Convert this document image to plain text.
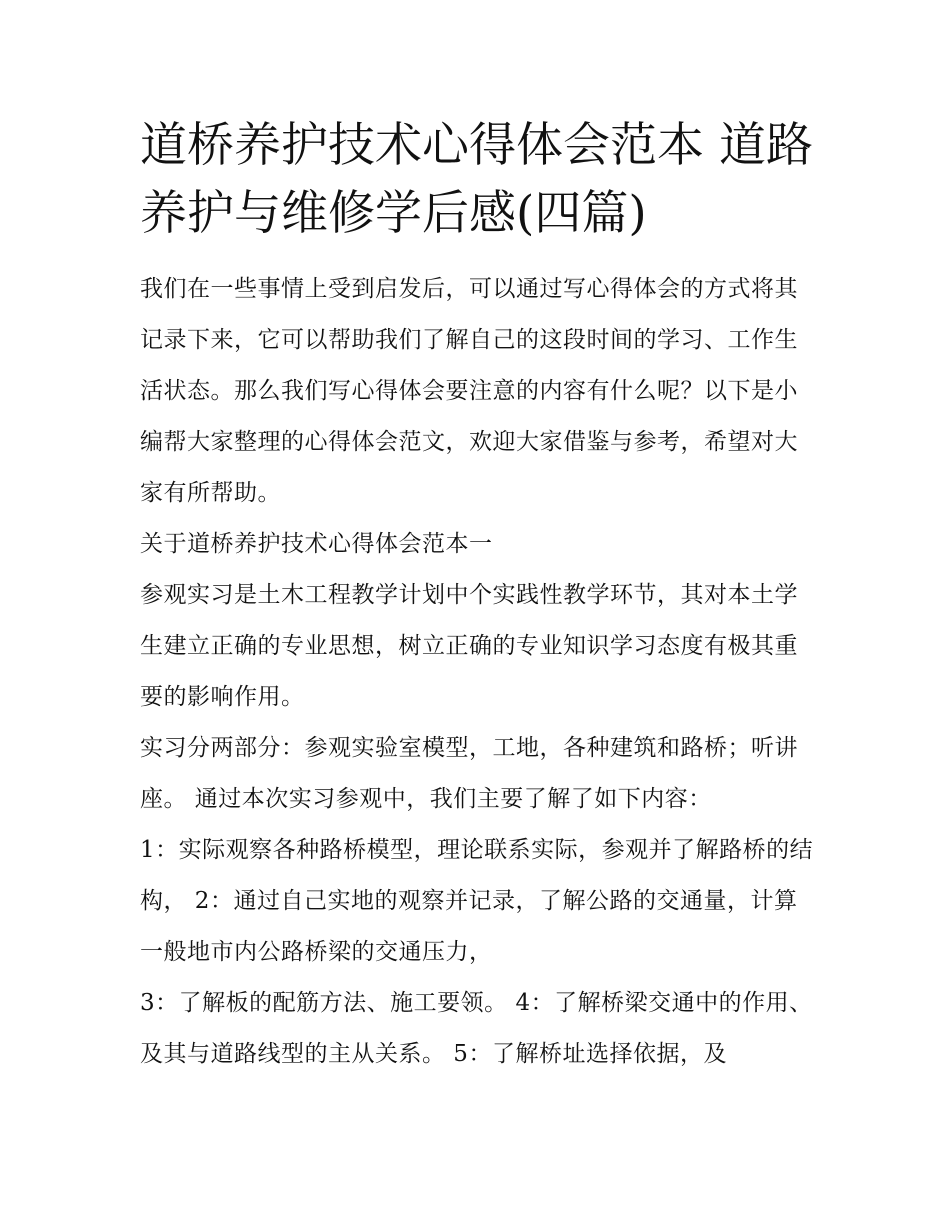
道桥养护技术心得体会范本 道路养护与维修学后感(四篇)

我们在一些事情上受到启发后，可以通过写心得体会的方式将其记录下来，它可以帮助我们了解自己的这段时间的学习、工作生活状态。那么我们写心得体会要注意的内容有什么呢？以下是小编帮大家整理的心得体会范文，欢迎大家借鉴与参考，希望对大家有所帮助。

关于道桥养护技术心得体会范本一

参观实习是土木工程教学计划中个实践性教学环节，其对本土学生建立正确的专业思想，树立正确的专业知识学习态度有极其重要的影响作用。

实习分两部分：参观实验室模型，工地，各种建筑和路桥；听讲座。 通过本次实习参观中，我们主要了解了如下内容：

1：实际观察各种路桥模型，理论联系实际，参观并了解路桥的结构， 2：通过自己实地的观察并记录，了解公路的交通量，计算一般地市内公路桥梁的交通压力，

3：了解板的配筋方法、施工要领。 4：了解桥梁交通中的作用、及其与道路线型的主从关系。 5：了解桥址选择依据，及
